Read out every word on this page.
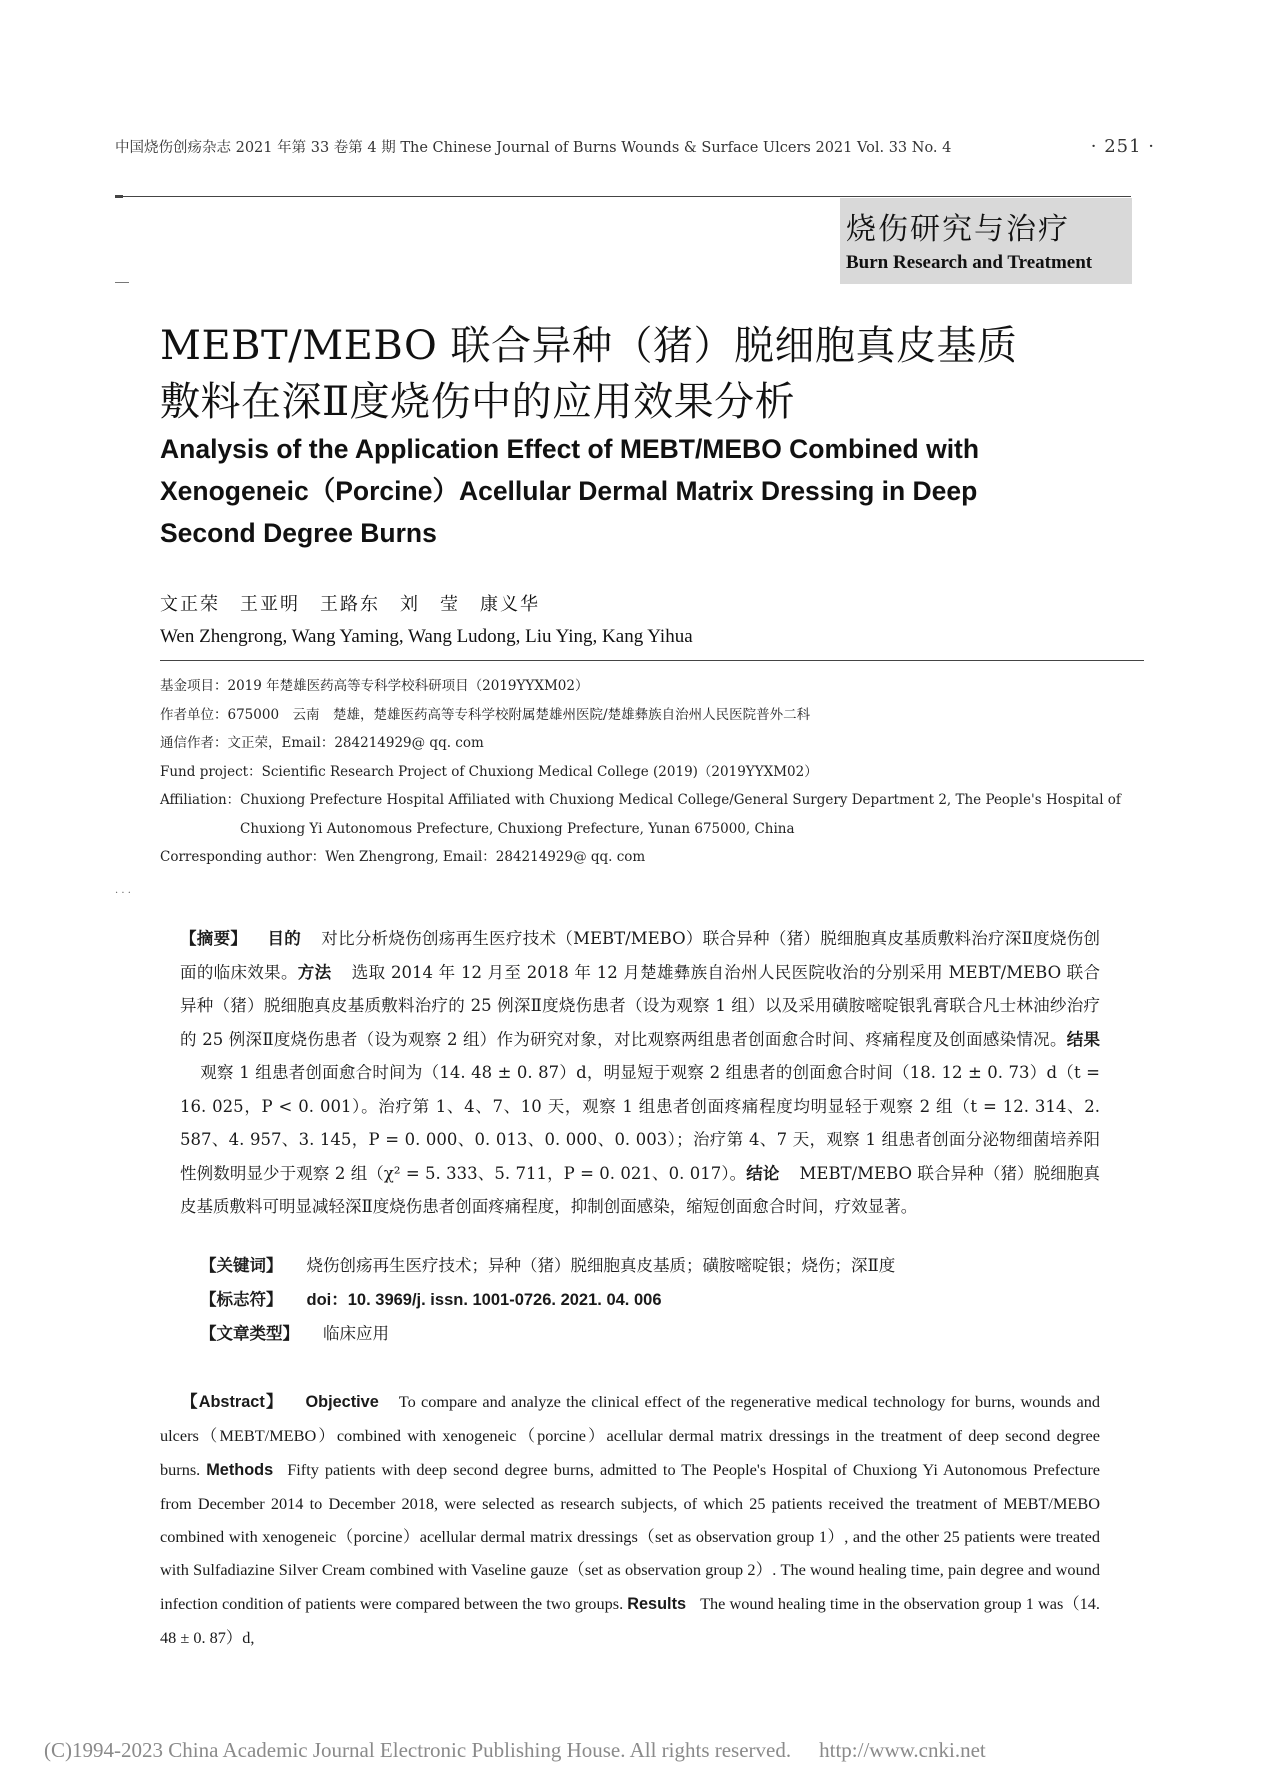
中国烧伤创疡杂志 2021 年第 33 卷第 4 期 The Chinese Journal of Burns Wounds & Surface Ulcers 2021 Vol. 33 No. 4	· 251 ·
烧伤研究与治疗
Burn Research and Treatment
MEBT/MEBO 联合异种（猪）脱细胞真皮基质
敷料在深Ⅱ度烧伤中的应用效果分析
Analysis of the Application Effect of MEBT/MEBO Combined with
Xenogeneic（Porcine）Acellular Dermal Matrix Dressing in Deep
Second Degree Burns
文正荣　王亚明　王路东　刘　莹　康义华
Wen Zhengrong, Wang Yaming, Wang Ludong, Liu Ying, Kang Yihua
基金项目：2019 年楚雄医药高等专科学校科研项目（2019YYXM02）
作者单位：675000　云南　楚雄，楚雄医药高等专科学校附属楚雄州医院/楚雄彝族自治州人民医院普外二科
通信作者：文正荣，Email：284214929@ qq. com
Fund project：Scientific Research Project of Chuxiong Medical College (2019)（2019YYXM02）
Affiliation：Chuxiong Prefecture Hospital Affiliated with Chuxiong Medical College/General Surgery Department 2, The People's Hospital of
Chuxiong Yi Autonomous Prefecture, Chuxiong Prefecture, Yunan 675000, China
Corresponding author：Wen Zhengrong, Email：284214929@ qq. com
· · ·
【摘要】 目的 对比分析烧伤创疡再生医疗技术（MEBT/MEBO）联合异种（猪）脱细胞真皮基质敷料治疗深Ⅱ度烧伤创面的临床效果。方法 选取 2014 年 12 月至 2018 年 12 月楚雄彝族自治州人民医院收治的分别采用 MEBT/MEBO 联合异种（猪）脱细胞真皮基质敷料治疗的 25 例深Ⅱ度烧伤患者（设为观察 1 组）以及采用磺胺嘧啶银乳膏联合凡士林油纱治疗的 25 例深Ⅱ度烧伤患者（设为观察 2 组）作为研究对象，对比观察两组患者创面愈合时间、疼痛程度及创面感染情况。结果观察 1 组患者创面愈合时间为（14. 48 ± 0. 87）d，明显短于观察 2 组患者的创面愈合时间（18. 12 ± 0. 73）d（t = 16. 025，P < 0. 001）。治疗第 1、4、7、10 天，观察 1 组患者创面疼痛程度均明显轻于观察 2 组（t = 12. 314、2. 587、4. 957、3. 145，P = 0. 000、0. 013、0. 000、0. 003）；治疗第 4、7 天，观察 1 组患者创面分泌物细菌培养阳性例数明显少于观察 2 组（χ² = 5. 333、5. 711，P = 0. 021、0. 017）。结论 MEBT/MEBO 联合异种（猪）脱细胞真皮基质敷料可明显减轻深Ⅱ度烧伤患者创面疼痛程度，抑制创面感染，缩短创面愈合时间，疗效显著。
【关键词】 烧伤创疡再生医疗技术；异种（猪）脱细胞真皮基质；磺胺嘧啶银；烧伤；深Ⅱ度
【标志符】 doi：10. 3969/j. issn. 1001-0726. 2021. 04. 006
【文章类型】 临床应用
【Abstract】 Objective To compare and analyze the clinical effect of the regenerative medical technology for burns, wounds and ulcers（MEBT/MEBO）combined with xenogeneic（porcine）acellular dermal matrix dressings in the treatment of deep second degree burns. Methods Fifty patients with deep second degree burns, admitted to The People's Hospital of Chuxiong Yi Autonomous Prefecture from December 2014 to December 2018, were selected as research subjects, of which 25 patients received the treatment of MEBT/MEBO combined with xenogeneic（porcine）acellular dermal matrix dressings（set as observation group 1）, and the other 25 patients were treated with Sulfadiazine Silver Cream combined with Vaseline gauze（set as observation group 2）. The wound healing time, pain degree and wound infection condition of patients were compared between the two groups. Results The wound healing time in the observation group 1 was（14. 48 ± 0. 87）d,
(C)1994-2023 China Academic Journal Electronic Publishing House. All rights reserved. http://www.cnki.net
